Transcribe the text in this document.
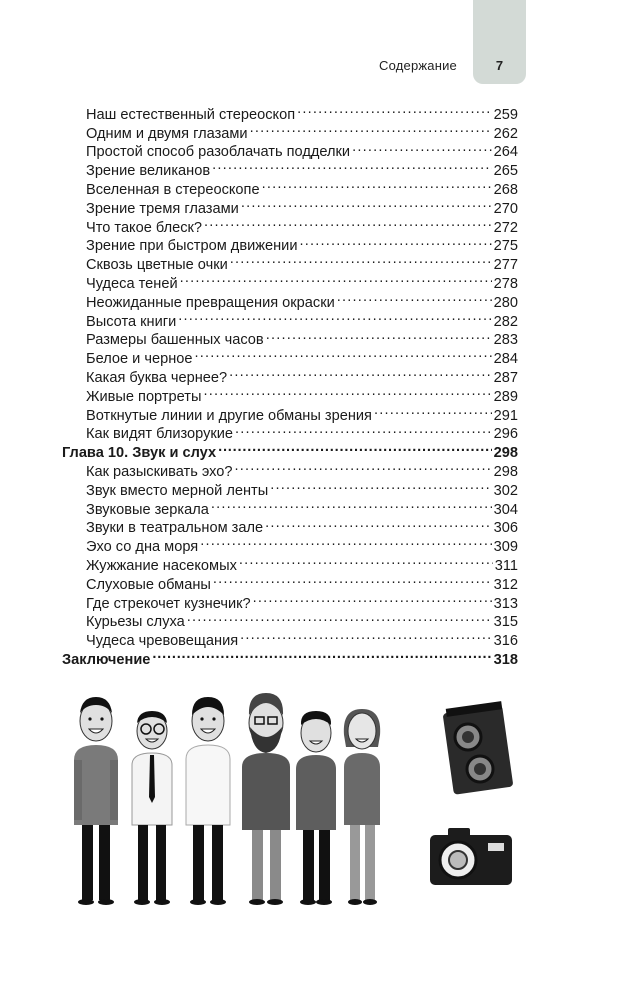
Содержание	7
Наш естественный стереоскоп .....	259
Одним и двумя глазами .....	262
Простой способ разоблачать подделки .....	264
Зрение великанов .....	265
Вселенная в стереоскопе .....	268
Зрение тремя глазами .....	270
Что такое блеск? .....	272
Зрение при быстром движении .....	275
Сквозь цветные очки .....	277
Чудеса теней .....	278
Неожиданные превращения окраски .....	280
Высота книги .....	282
Размеры башенных часов .....	283
Белое и черное .....	284
Какая буква чернее? .....	287
Живые портреты .....	289
Воткнутые линии и другие обманы зрения .....	291
Как видят близорукие .....	296
Глава 10. Звук и слух .....	298
Как разыскивать эхо? .....	298
Звук вместо мерной ленты .....	302
Звуковые зеркала .....	304
Звуки в театральном зале .....	306
Эхо со дна моря .....	309
Жужжание насекомых .....	311
Слуховые обманы .....	312
Где стрекочет кузнечик? .....	313
Курьезы слуха .....	315
Чудеса чревовещания .....	316
Заключение .....	318
